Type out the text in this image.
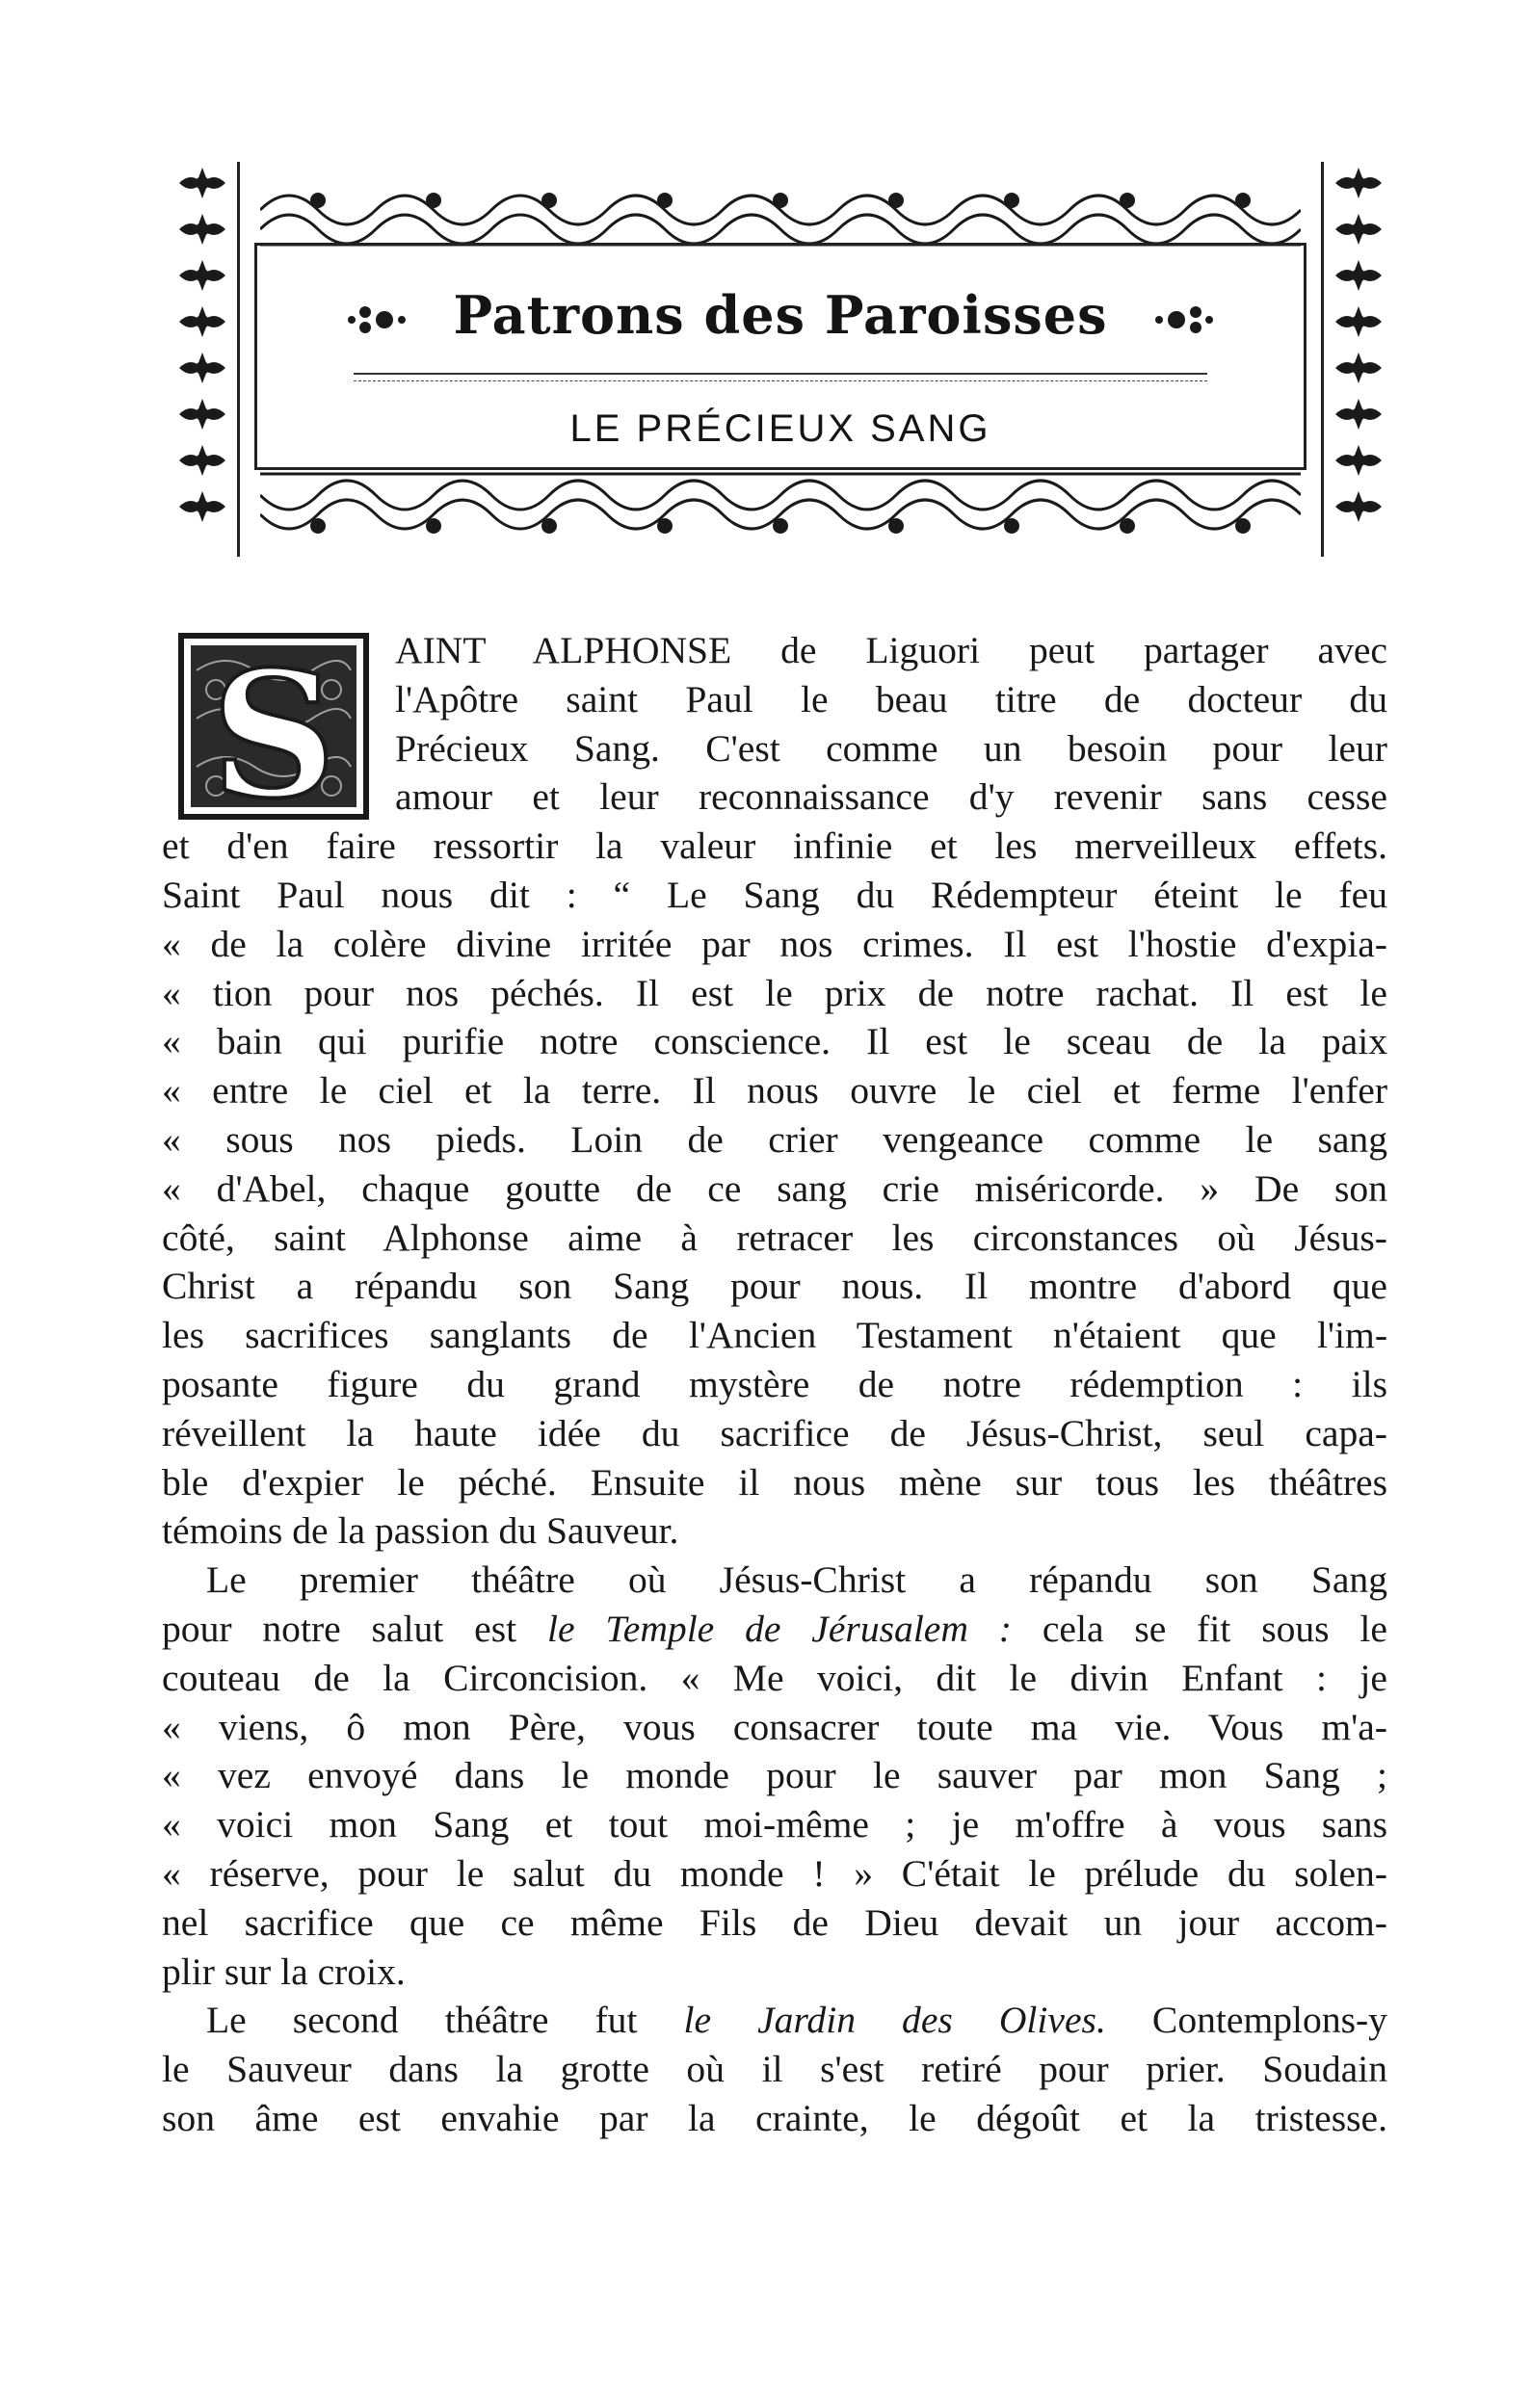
Patrons des Paroisses
LE PRÉCIEUX SANG
S	AINT ALPHONSE de Liguori peut partager avec
l'Apôtre saint Paul le beau titre de docteur du
Précieux Sang. C'est comme un besoin pour leur
amour et leur reconnaissance d'y revenir sans cesse
et d'en faire ressortir la valeur infinie et les merveilleux effets.
Saint Paul nous dit : “ Le Sang du Rédempteur éteint le feu
« de la colère divine irritée par nos crimes. Il est l'hostie d'expia-
« tion pour nos péchés. Il est le prix de notre rachat. Il est le
« bain qui purifie notre conscience. Il est le sceau de la paix
« entre le ciel et la terre. Il nous ouvre le ciel et ferme l'enfer
« sous nos pieds. Loin de crier vengeance comme le sang
« d'Abel, chaque goutte de ce sang crie miséricorde. » De son
côté, saint Alphonse aime à retracer les circonstances où Jésus-
Christ a répandu son Sang pour nous. Il montre d'abord que
les sacrifices sanglants de l'Ancien Testament n'étaient que l'im-
posante figure du grand mystère de notre rédemption : ils
réveillent la haute idée du sacrifice de Jésus-Christ, seul capa-
ble d'expier le péché. Ensuite il nous mène sur tous les théâtres
témoins de la passion du Sauveur.
Le premier théâtre où Jésus-Christ a répandu son Sang
pour notre salut est le Temple de Jérusalem : cela se fit sous le
couteau de la Circoncision. « Me voici, dit le divin Enfant : je
« viens, ô mon Père, vous consacrer toute ma vie. Vous m'a-
« vez envoyé dans le monde pour le sauver par mon Sang ;
« voici mon Sang et tout moi-même ; je m'offre à vous sans
« réserve, pour le salut du monde ! » C'était le prélude du solen-
nel sacrifice que ce même Fils de Dieu devait un jour accom-
plir sur la croix.
Le second théâtre fut le Jardin des Olives. Contemplons-y
le Sauveur dans la grotte où il s'est retiré pour prier. Soudain
son âme est envahie par la crainte, le dégoût et la tristesse.
